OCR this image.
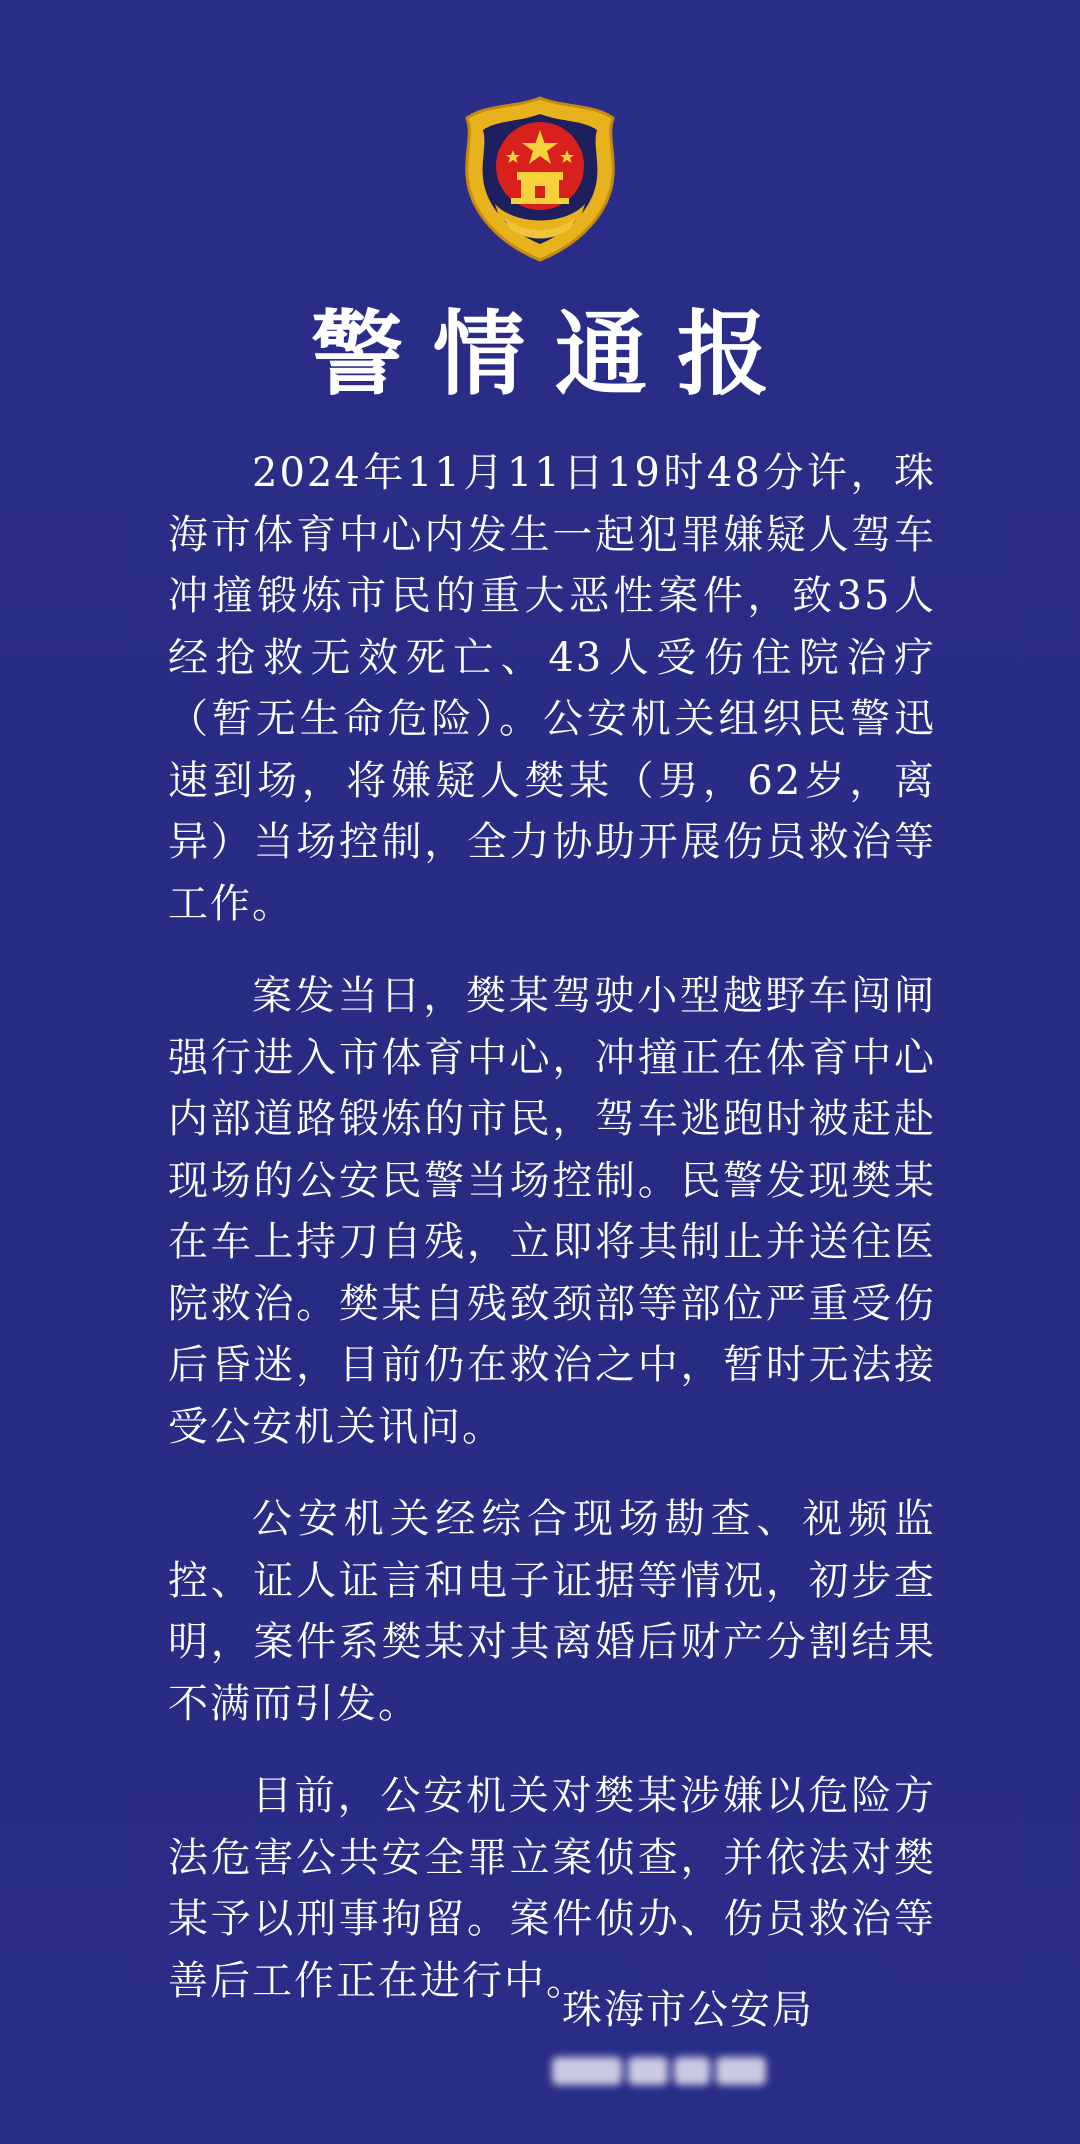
警情通报

2024年11月11日19时48分许，珠海市体育中心内发生一起犯罪嫌疑人驾车冲撞锻炼市民的重大恶性案件，致35人经抢救无效死亡、43人受伤住院治疗（暂无生命危险）。公安机关组织民警迅速到场，将嫌疑人樊某（男，62岁，离异）当场控制，全力协助开展伤员救治等工作。

案发当日，樊某驾驶小型越野车闯闸强行进入市体育中心，冲撞正在体育中心内部道路锻炼的市民，驾车逃跑时被赶赴现场的公安民警当场控制。民警发现樊某在车上持刀自残，立即将其制止并送往医院救治。樊某自残致颈部等部位严重受伤后昏迷，目前仍在救治之中，暂时无法接受公安机关讯问。

公安机关经综合现场勘查、视频监控、证人证言和电子证据等情况，初步查明，案件系樊某对其离婚后财产分割结果不满而引发。

目前，公安机关对樊某涉嫌以危险方法危害公共安全罪立案侦查，并依法对樊某予以刑事拘留。案件侦办、伤员救治等善后工作正在进行中。

珠海市公安局
